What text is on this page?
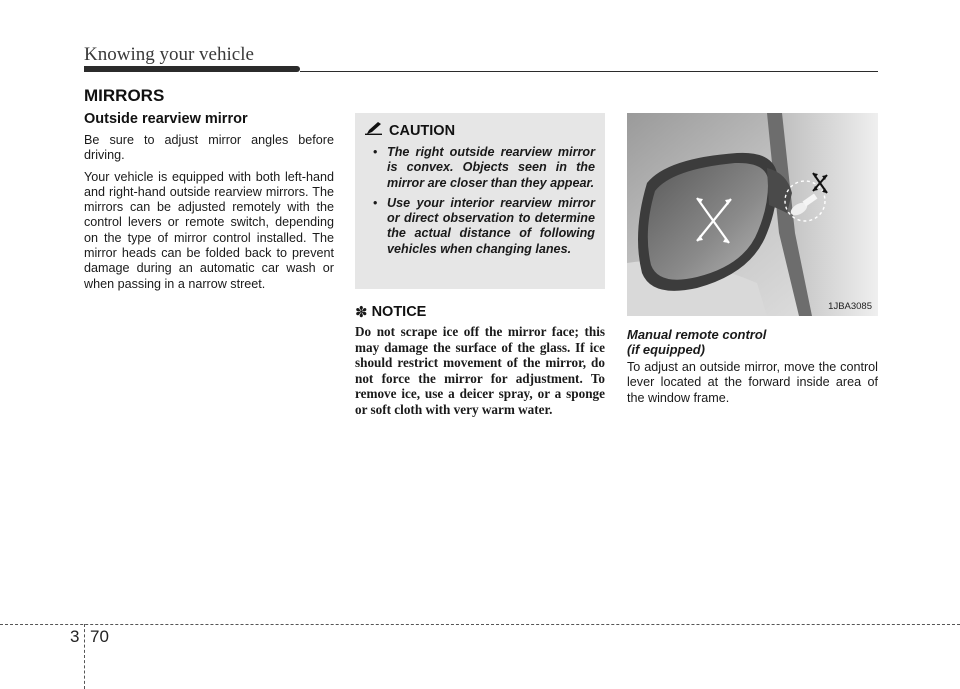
Knowing your vehicle
MIRRORS
Outside rearview mirror

Be sure to adjust mirror angles before driving.

Your vehicle is equipped with both left-hand and right-hand outside rearview mirrors. The mirrors can be adjusted remotely with the control levers or remote switch, depending on the type of mirror control installed. The mirror heads can be folded back to prevent damage during an automatic car wash or when passing in a narrow street.

CAUTION
• The right outside rearview mirror is convex. Objects seen in the mirror are closer than they appear.
• Use your interior rearview mirror or direct observation to determine the actual distance of following vehicles when changing lanes.
✽ NOTICE

Do not scrape ice off the mirror face; this may damage the surface of the glass. If ice should restrict movement of the mirror, do not force the mirror for adjustment. To remove ice, use a deicer spray, or a sponge or soft cloth with very warm water.

1JBA3085
Manual remote control
(if equipped)

To adjust an outside mirror, move the control lever located at the forward inside area of the window frame.

3 70
